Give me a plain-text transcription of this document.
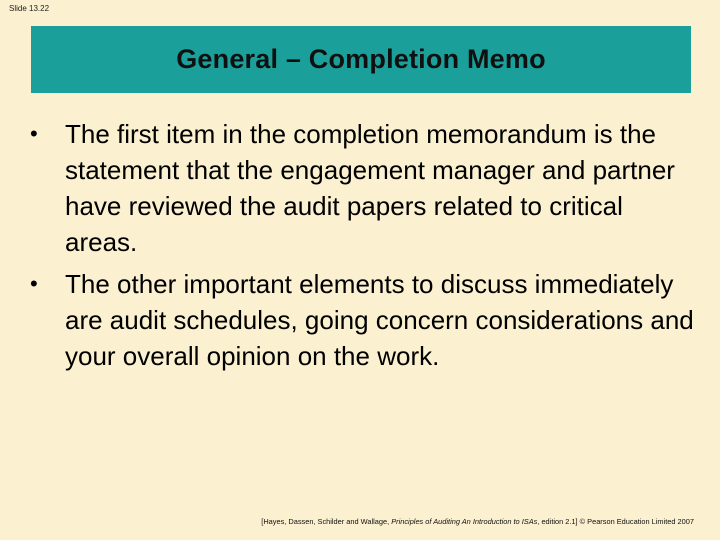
Slide 13.22
General – Completion Memo
•	The first item in the completion memorandum is the statement that the engagement manager and partner have reviewed the audit papers related to critical areas.
•	The other important elements to discuss immediately are audit schedules, going concern considerations and your overall opinion on the work.
[Hayes, Dassen, Schilder and Wallage, Principles of Auditing An Introduction to ISAs, edition 2.1] © Pearson Education Limited 2007
